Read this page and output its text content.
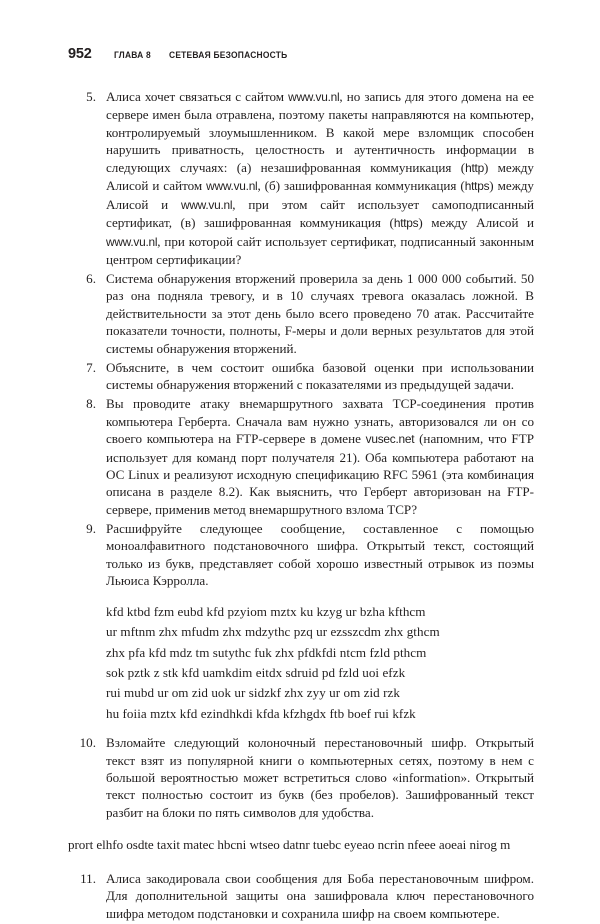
952 ГЛАВА 8 СЕТЕВАЯ БЕЗОПАСНОСТЬ
5. Алиса хочет связаться с сайтом www.vu.nl, но запись для этого домена на ее сервере имен была отравлена, поэтому пакеты направляются на компьютер, контролируемый злоумышленником. В какой мере взломщик способен нарушить приватность, целостность и аутентичность информации в следующих случаях: (а) незашифрованная коммуникация (http) между Алисой и сайтом www.vu.nl, (б) зашифрованная коммуникация (https) между Алисой и www.vu.nl, при этом сайт использует самоподписанный сертификат, (в) зашифрованная коммуникация (https) между Алисой и www.vu.nl, при которой сайт использует сертификат, подписанный законным центром сертификации?

6. Система обнаружения вторжений проверила за день 1 000 000 событий. 50 раз она подняла тревогу, и в 10 случаях тревога оказалась ложной. В действительности за этот день было всего проведено 70 атак. Рассчитайте показатели точности, полноты, F-меры и доли верных результатов для этой системы обнаружения вторжений.

7. Объясните, в чем состоит ошибка базовой оценки при использовании системы обнаружения вторжений с показателями из предыдущей задачи.

8. Вы проводите атаку внемаршрутного захвата TCP-соединения против компьютера Герберта. Сначала вам нужно узнать, авторизовался ли он со своего компьютера на FTP-сервере в домене vusec.net (напомним, что FTP использует для команд порт получателя 21). Оба компьютера работают на ОС Linux и реализуют исходную спецификацию RFC 5961 (эта комбинация описана в разделе 8.2). Как выяснить, что Герберт авторизован на FTP-сервере, применив метод внемаршрутного взлома TCP?

9. Расшифруйте следующее сообщение, составленное с помощью моноалфавитного подстановочного шифра. Открытый текст, состоящий только из букв, представляет собой хорошо известный отрывок из поэмы Льюиса Кэрролла.

kfd ktbd fzm eubd kfd pzyiom mztx ku kzyg ur bzha kfthcm
ur mftnm zhx mfudm zhx mdzythc pzq ur ezsszcdm zhx gthcm
zhx pfa kfd mdz tm sutythc fuk zhx pfdkfdi ntcm fzld pthcm
sok pztk z stk kfd uamkdim eitdx sdruid pd fzld uoi efzk
rui mubd ur om zid uok ur sidzkf zhx zyy ur om zid rzk
hu foiia mztx kfd ezindhkdi kfda kfzhgdx ftb boef rui kfzk
10. Взломайте следующий колоночный перестановочный шифр. Открытый текст взят из популярной книги о компьютерных сетях, поэтому в нем с большой вероятностью может встретиться слово «information». Открытый текст полностью состоит из букв (без пробелов). Зашифрованный текст разбит на блоки по пять символов для удобства.

prort elhfo osdte taxit matec hbcni wtseo datnr tuebc eyeao ncrin nfeee aoeai nirog m
11. Алиса закодировала свои сообщения для Боба перестановочным шифром. Для дополнительной защиты она зашифровала ключ перестановочного шифра методом подстановки и сохранила шифр на своем компьютере.
